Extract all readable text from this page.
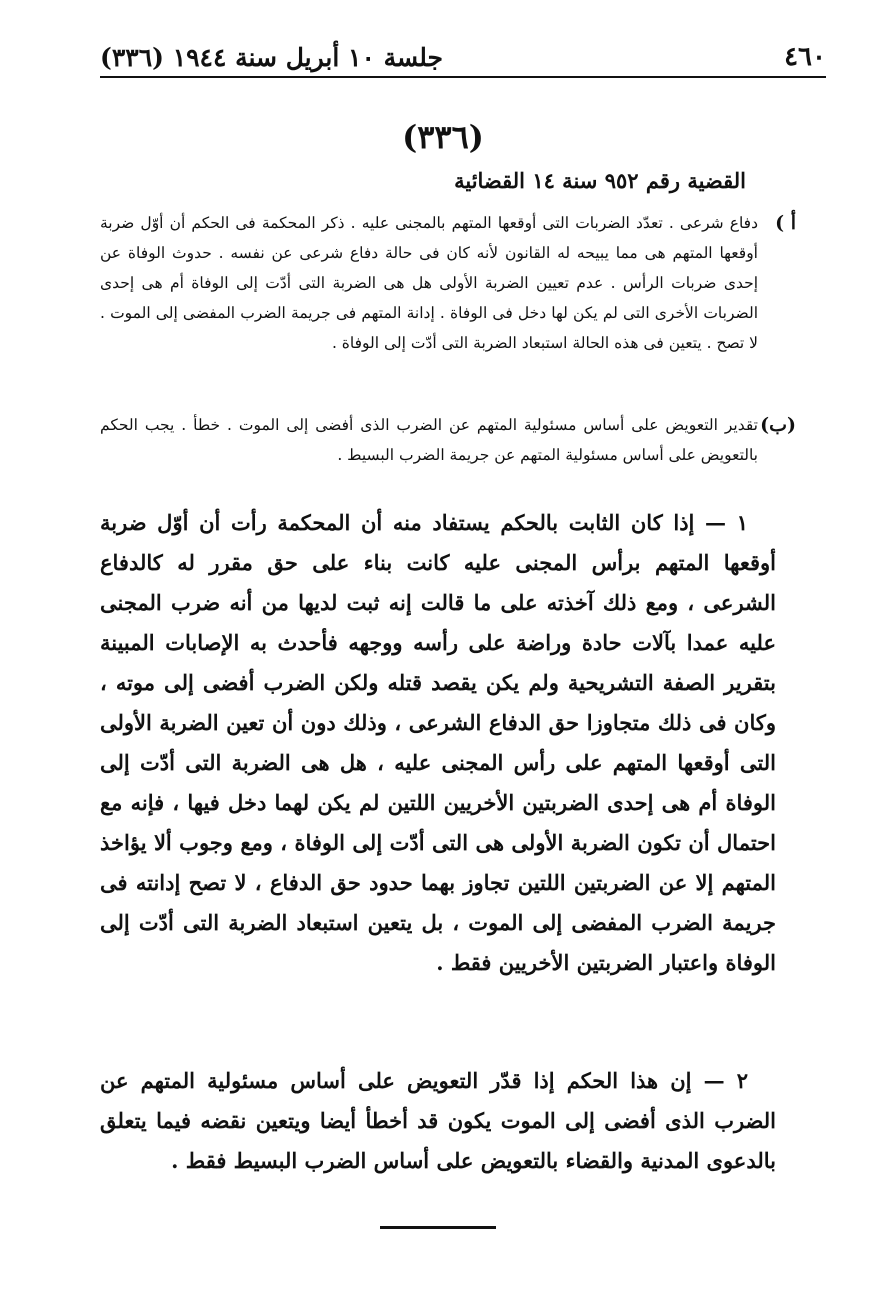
٤٦٠
جلسة ١٠ أبريل سنة ١٩٤٤ (٣٣٦)
(٣٣٦)
القضية رقم ٩٥٢ سنة ١٤ القضائية
أ )
دفاع شرعى . تعدّد الضربات التى أوقعها المتهم بالمجنى عليه . ذكر المحكمة فى الحكم أن أوّل ضربة أوقعها المتهم هى مما يبيحه له القانون لأنه كان فى حالة دفاع شرعى عن نفسه . حدوث الوفاة عن إحدى ضربات الرأس . عدم تعيين الضربة الأولى هل هى الضربة التى أدّت إلى الوفاة أم هى إحدى الضربات الأخرى التى لم يكن لها دخل فى الوفاة . إدانة المتهم فى جريمة الضرب المفضى إلى الموت . لا تصح . يتعين فى هذه الحالة استبعاد الضربة التى أدّت إلى الوفاة .
(ب)
تقدير التعويض على أساس مسئولية المتهم عن الضرب الذى أفضى إلى الموت . خطأ . يجب الحكم بالتعويض على أساس مسئولية المتهم عن جريمة الضرب البسيط .

١ — إذا كان الثابت بالحكم يستفاد منه أن المحكمة رأت أن أوّل ضربة أوقعها المتهم برأس المجنى عليه كانت بناء على حق مقرر له كالدفاع الشرعى ، ومع ذلك آخذته على ما قالت إنه ثبت لديها من أنه ضرب المجنى عليه عمدا بآلات حادة وراضة على رأسه ووجهه فأحدث به الإصابات المبينة بتقرير الصفة التشريحية ولم يكن يقصد قتله ولكن الضرب أفضى إلى موته ، وكان فى ذلك متجاوزا حق الدفاع الشرعى ، وذلك دون أن تعين الضربة الأولى التى أوقعها المتهم على رأس المجنى عليه ، هل هى الضربة التى أدّت إلى الوفاة أم هى إحدى الضربتين الأخريين اللتين لم يكن لهما دخل فيها ، فإنه مع احتمال أن تكون الضربة الأولى هى التى أدّت إلى الوفاة ، ومع وجوب ألا يؤاخذ المتهم إلا عن الضربتين اللتين تجاوز بهما حدود حق الدفاع ، لا تصح إدانته فى جريمة الضرب المفضى إلى الموت ، بل يتعين استبعاد الضربة التى أدّت إلى الوفاة واعتبار الضربتين الأخريين فقط .

٢ — إن هذا الحكم إذا قدّر التعويض على أساس مسئولية المتهم عن الضرب الذى أفضى إلى الموت يكون قد أخطأ أيضا ويتعين نقضه فيما يتعلق بالدعوى المدنية والقضاء بالتعويض على أساس الضرب البسيط فقط .
